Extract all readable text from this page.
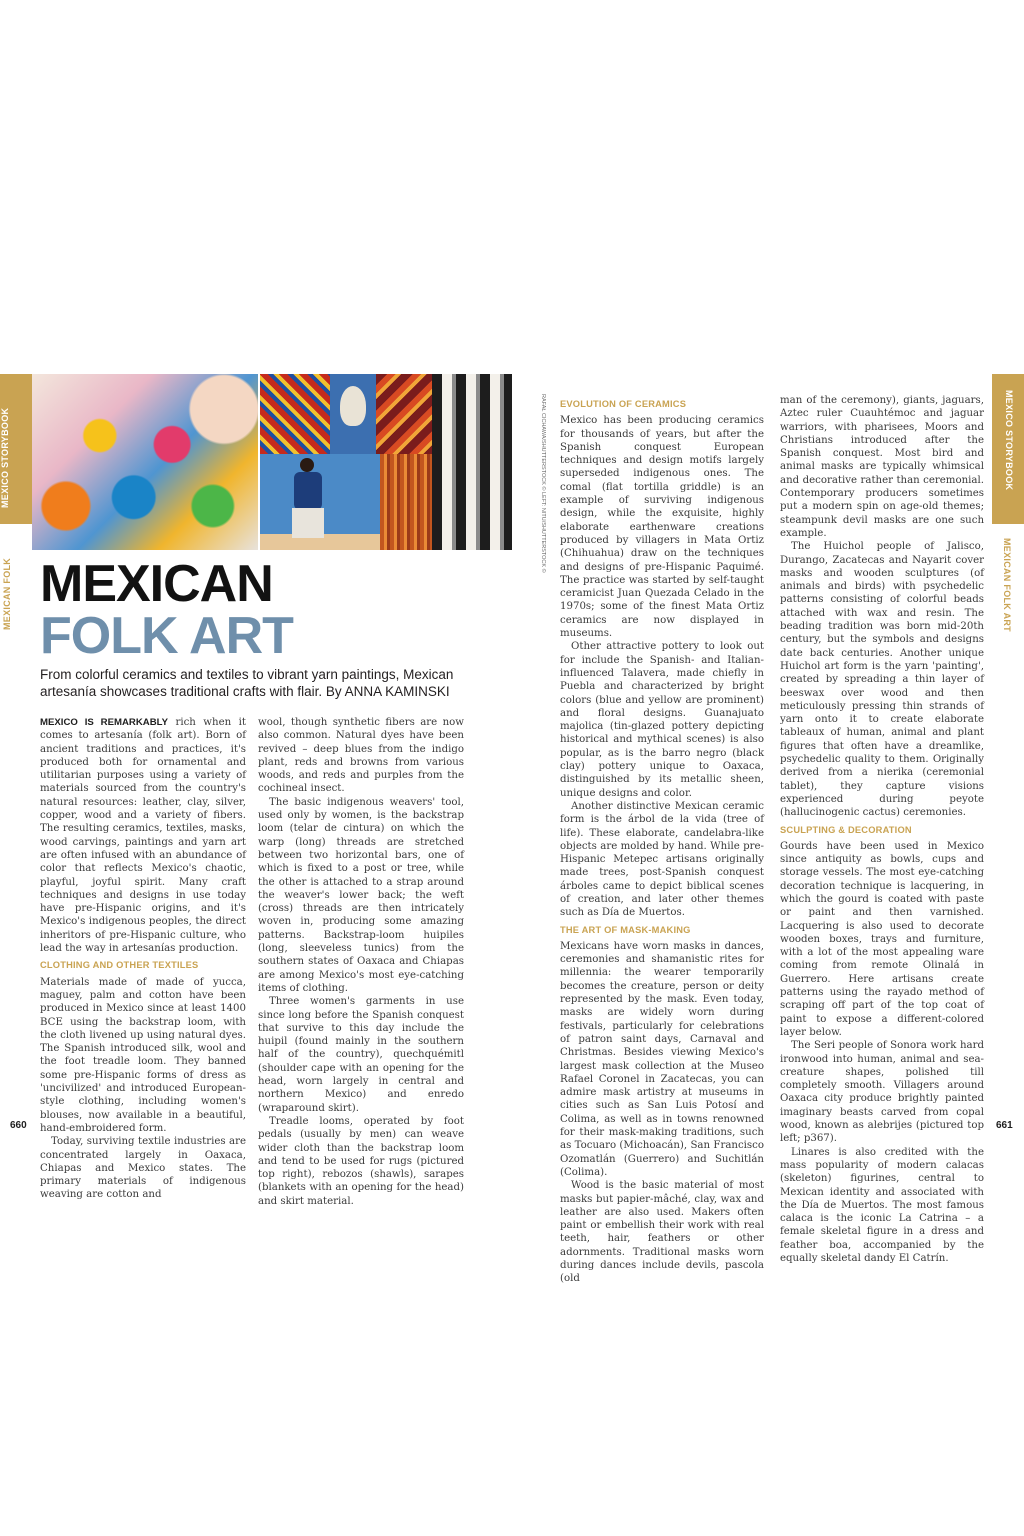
MEXICO STORYBOOK
MEXICAN FOLK
MEXICO STORYBOOK
MEXICAN FOLK ART
RAFAŁ CICHAWA/SHUTTERSTOCK © LEFT: NITU/SHUTTERSTOCK ©
MEXICAN
FOLK ART
From colorful ceramics and textiles to vibrant yarn paintings, Mexican artesanía showcases traditional crafts with flair. By ANNA KAMINSKI

MEXICO IS REMARKABLY rich when it comes to artesanía (folk art). Born of ancient traditions and practices, it's produced both for ornamental and utilitarian purposes using a variety of materials sourced from the country's natural resources: leather, clay, silver, copper, wood and a variety of fibers. The resulting ceramics, textiles, masks, wood carvings, paintings and yarn art are often infused with an abundance of color that reflects Mexico's chaotic, playful, joyful spirit. Many craft techniques and designs in use today have pre-Hispanic origins, and it's Mexico's indigenous peoples, the direct inheritors of pre-Hispanic culture, who lead the way in artesanías production.

CLOTHING AND OTHER TEXTILES

Materials made of made of yucca, maguey, palm and cotton have been produced in Mexico since at least 1400 BCE using the backstrap loom, with the cloth livened up using natural dyes. The Spanish introduced silk, wool and the foot treadle loom. They banned some pre-Hispanic forms of dress as 'uncivilized' and introduced European-style clothing, including women's blouses, now available in a beautiful, hand-embroidered form.

Today, surviving textile industries are concentrated largely in Oaxaca, Chiapas and Mexico states. The primary materials of indigenous weaving are cotton and

wool, though synthetic fibers are now also common. Natural dyes have been revived – deep blues from the indigo plant, reds and browns from various woods, and reds and purples from the cochineal insect.

The basic indigenous weavers' tool, used only by women, is the backstrap loom (telar de cintura) on which the warp (long) threads are stretched between two horizontal bars, one of which is fixed to a post or tree, while the other is attached to a strap around the weaver's lower back; the weft (cross) threads are then intricately woven in, producing some amazing patterns. Backstrap-loom huipiles (long, sleeveless tunics) from the southern states of Oaxaca and Chiapas are among Mexico's most eye-catching items of clothing.

Three women's garments in use since long before the Spanish conquest that survive to this day include the huipil (found mainly in the southern half of the country), quechquémitl (shoulder cape with an opening for the head, worn largely in central and northern Mexico) and enredo (wraparound skirt).

Treadle looms, operated by foot pedals (usually by men) can weave wider cloth than the backstrap loom and tend to be used for rugs (pictured top right), rebozos (shawls), sarapes (blankets with an opening for the head) and skirt material.

EVOLUTION OF CERAMICS

Mexico has been producing ceramics for thousands of years, but after the Spanish conquest European techniques and design motifs largely superseded indigenous ones. The comal (flat tortilla griddle) is an example of surviving indigenous design, while the exquisite, highly elaborate earthenware creations produced by villagers in Mata Ortiz (Chihuahua) draw on the techniques and designs of pre-Hispanic Paquimé. The practice was started by self-taught ceramicist Juan Quezada Celado in the 1970s; some of the finest Mata Ortiz ceramics are now displayed in museums.

Other attractive pottery to look out for include the Spanish- and Italian-influenced Talavera, made chiefly in Puebla and characterized by bright colors (blue and yellow are prominent) and floral designs. Guanajuato majolica (tin-glazed pottery depicting historical and mythical scenes) is also popular, as is the barro negro (black clay) pottery unique to Oaxaca, distinguished by its metallic sheen, unique designs and color.

Another distinctive Mexican ceramic form is the árbol de la vida (tree of life). These elaborate, candelabra-like objects are molded by hand. While pre-Hispanic Metepec artisans originally made trees, post-Spanish conquest árboles came to depict biblical scenes of creation, and later other themes such as Día de Muertos.

THE ART OF MASK-MAKING

Mexicans have worn masks in dances, ceremonies and shamanistic rites for millennia: the wearer temporarily becomes the creature, person or deity represented by the mask. Even today, masks are widely worn during festivals, particularly for celebrations of patron saint days, Carnaval and Christmas. Besides viewing Mexico's largest mask collection at the Museo Rafael Coronel in Zacatecas, you can admire mask artistry at museums in cities such as San Luis Potosí and Colima, as well as in towns renowned for their mask-making traditions, such as Tocuaro (Michoacán), San Francisco Ozomatlán (Guerrero) and Suchitlán (Colima).

Wood is the basic material of most masks but papier-mâché, clay, wax and leather are also used. Makers often paint or embellish their work with real teeth, hair, feathers or other adornments. Traditional masks worn during dances include devils, pascola (old

man of the ceremony), giants, jaguars, Aztec ruler Cuauhtémoc and jaguar warriors, with pharisees, Moors and Christians introduced after the Spanish conquest. Most bird and animal masks are typically whimsical and decorative rather than ceremonial. Contemporary producers sometimes put a modern spin on age-old themes; steampunk devil masks are one such example.

The Huichol people of Jalisco, Durango, Zacatecas and Nayarit cover masks and wooden sculptures (of animals and birds) with psychedelic patterns consisting of colorful beads attached with wax and resin. The beading tradition was born mid-20th century, but the symbols and designs date back centuries. Another unique Huichol art form is the yarn 'painting', created by spreading a thin layer of beeswax over wood and then meticulously pressing thin strands of yarn onto it to create elaborate tableaux of human, animal and plant figures that often have a dreamlike, psychedelic quality to them. Originally derived from a nierika (ceremonial tablet), they capture visions experienced during peyote (hallucinogenic cactus) ceremonies.

SCULPTING & DECORATION

Gourds have been used in Mexico since antiquity as bowls, cups and storage vessels. The most eye-catching decoration technique is lacquering, in which the gourd is coated with paste or paint and then varnished. Lacquering is also used to decorate wooden boxes, trays and furniture, with a lot of the most appealing ware coming from remote Olinalá in Guerrero. Here artisans create patterns using the rayado method of scraping off part of the top coat of paint to expose a different-colored layer below.

The Seri people of Sonora work hard ironwood into human, animal and sea-creature shapes, polished till completely smooth. Villagers around Oaxaca city produce brightly painted imaginary beasts carved from copal wood, known as alebrijes (pictured top left; p367).

Linares is also credited with the mass popularity of modern calacas (skeleton) figurines, central to Mexican identity and associated with the Día de Muertos. The most famous calaca is the iconic La Catrina – a female skeletal figure in a dress and feather boa, accompanied by the equally skeletal dandy El Catrín.

660	661
